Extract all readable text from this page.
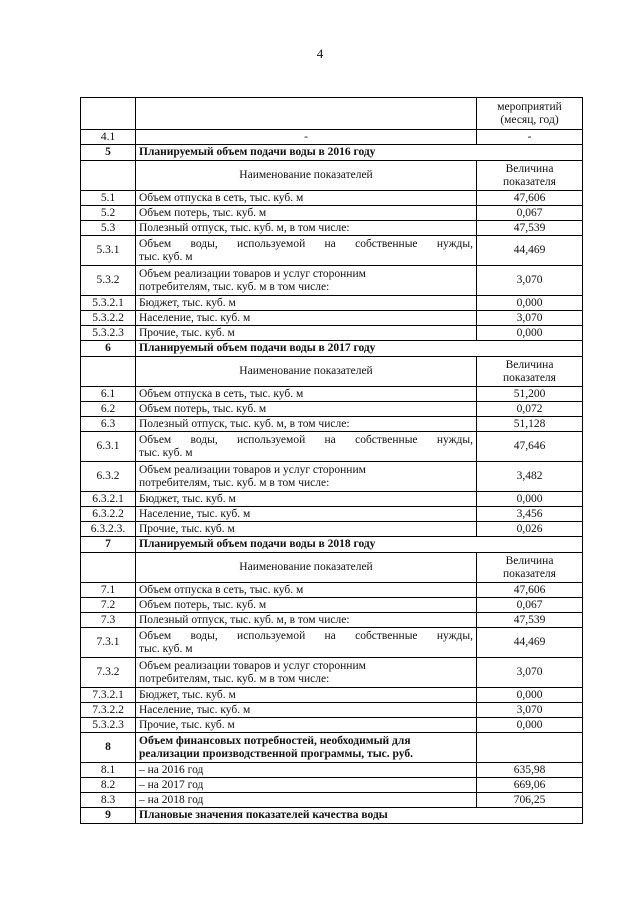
4
		мероприятий (месяц, год)
4.1	-	-
5	Планируемый объем подачи воды в 2016 году	
	Наименование показателей	Величина показателя
5.1	Объем отпуска в сеть, тыс. куб. м	47,606
5.2	Объем потерь, тыс. куб. м	0,067
5.3	Полезный отпуск, тыс. куб. м, в том числе:	47,539
5.3.1	Объем воды, используемой на собственные нужды,
тыс. куб. м	44,469
5.3.2	Объем реализации товаров и услуг сторонним
потребителям, тыс. куб. м в том числе:	3,070
5.3.2.1	Бюджет, тыс. куб. м	0,000
5.3.2.2	Население, тыс. куб. м	3,070
5.3.2.3	Прочие, тыс. куб. м	0,000
6	Планируемый объем подачи воды в 2017 году	
	Наименование показателей	Величина показателя
6.1	Объем отпуска в сеть, тыс. куб. м	51,200
6.2	Объем потерь, тыс. куб. м	0,072
6.3	Полезный отпуск, тыс. куб. м, в том числе:	51,128
6.3.1	Объем воды, используемой на собственные нужды,
тыс. куб. м	47,646
6.3.2	Объем реализации товаров и услуг сторонним
потребителям, тыс. куб. м в том числе:	3,482
6.3.2.1	Бюджет, тыс. куб. м	0,000
6.3.2.2	Население, тыс. куб. м	3,456
6.3.2.3.	Прочие, тыс. куб. м	0,026
7	Планируемый объем подачи воды в 2018 году	
	Наименование показателей	Величина показателя
7.1	Объем отпуска в сеть, тыс. куб. м	47,606
7.2	Объем потерь, тыс. куб. м	0,067
7.3	Полезный отпуск, тыс. куб. м, в том числе:	47,539
7.3.1	Объем воды, используемой на собственные нужды,
тыс. куб. м	44,469
7.3.2	Объем реализации товаров и услуг сторонним
потребителям, тыс. куб. м в том числе:	3,070
7.3.2.1	Бюджет, тыс. куб. м	0,000
7.3.2.2	Население, тыс. куб. м	3,070
5.3.2.3	Прочие, тыс. куб. м	0,000
8	Объем финансовых потребностей, необходимый для
реализации производственной программы, тыс. руб.	

8.1	– на 2016 год	635,98
8.2	– на 2017 год	669,06
8.3	– на 2018 год	706,25
9	Плановые значения показателей качества воды	
